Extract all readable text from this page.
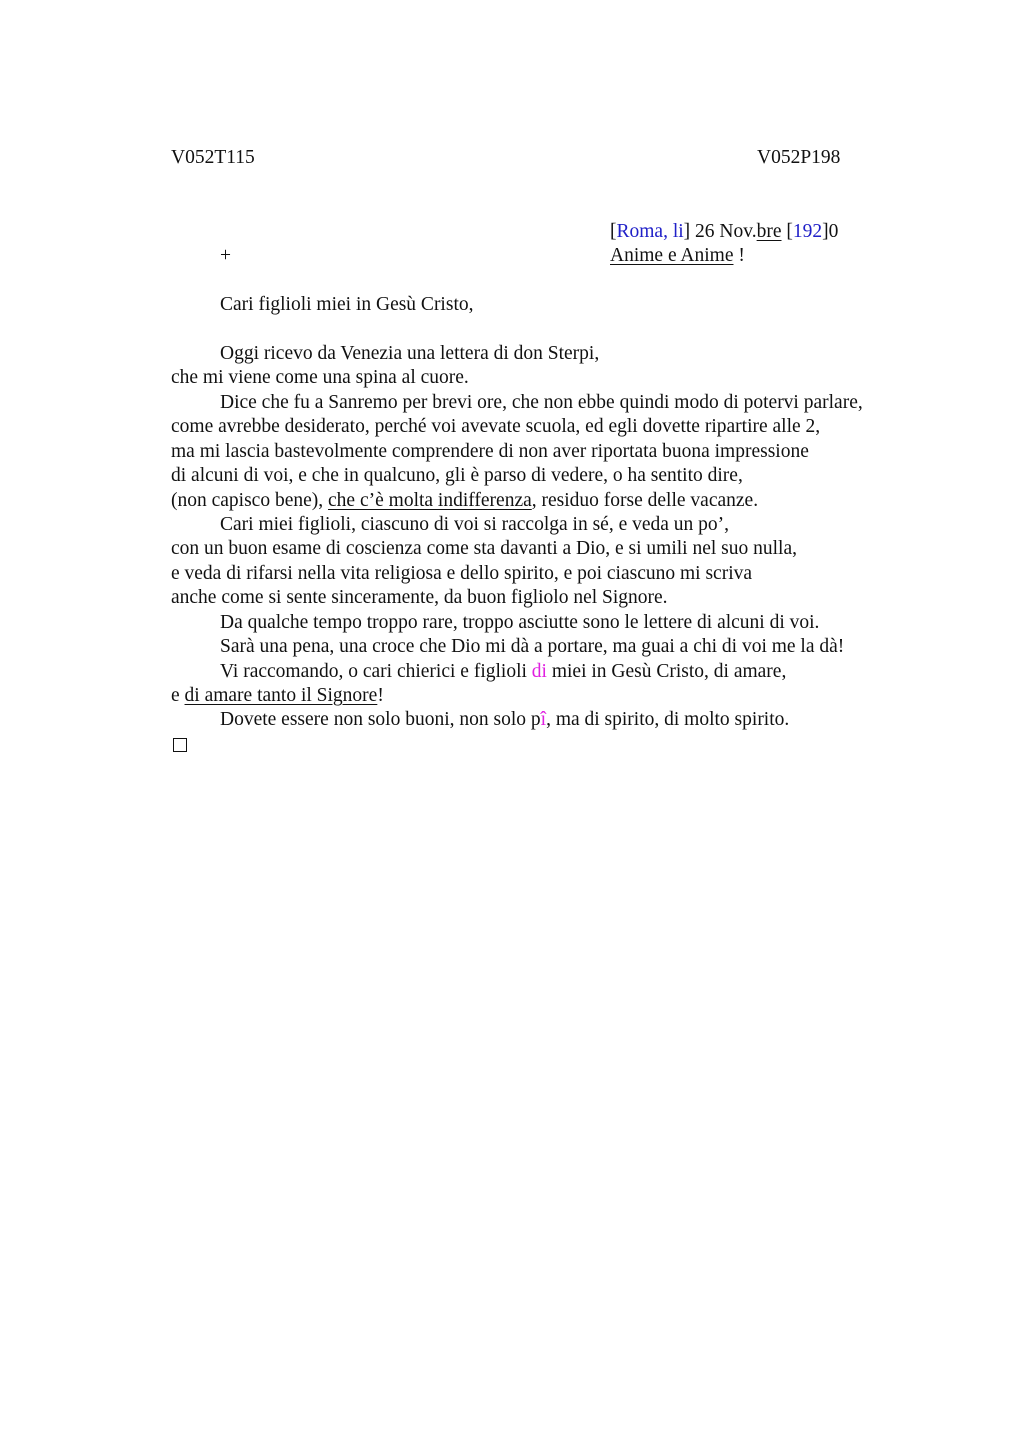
V052T115	V052P198
[Roma, li] 26 Nov.bre [192]0
+	Anime e Anime !
Cari figlioli miei in Gesù Cristo,
Oggi ricevo da Venezia una lettera di don Sterpi,
che mi viene come una spina al cuore.
Dice che fu a Sanremo per brevi ore, che non ebbe quindi modo di potervi parlare,
come avrebbe desiderato, perché voi avevate scuola, ed egli dovette ripartire alle 2,
ma mi lascia bastevolmente comprendere di non aver riportata buona impressione
di alcuni di voi, e che in qualcuno, gli è parso di vedere, o ha sentito dire,
(non capisco bene), che c’è molta indifferenza, residuo forse delle vacanze.
Cari miei figlioli, ciascuno di voi si raccolga in sé, e veda un po’,
con un buon esame di coscienza come sta davanti a Dio, e si umili nel suo nulla,
e veda di rifarsi nella vita religiosa e dello spirito, e poi ciascuno mi scriva
anche come si sente sinceramente, da buon figliolo nel Signore.
Da qualche tempo troppo rare, troppo asciutte sono le lettere di alcuni di voi.
Sarà una pena, una croce che Dio mi dà a portare, ma guai a chi di voi me la dà!
Vi raccomando, o cari chierici e figlioli di miei in Gesù Cristo, di amare,
e di amare tanto il Signore!
Dovete essere non solo buoni, non solo pî, ma di spirito, di molto spirito.
